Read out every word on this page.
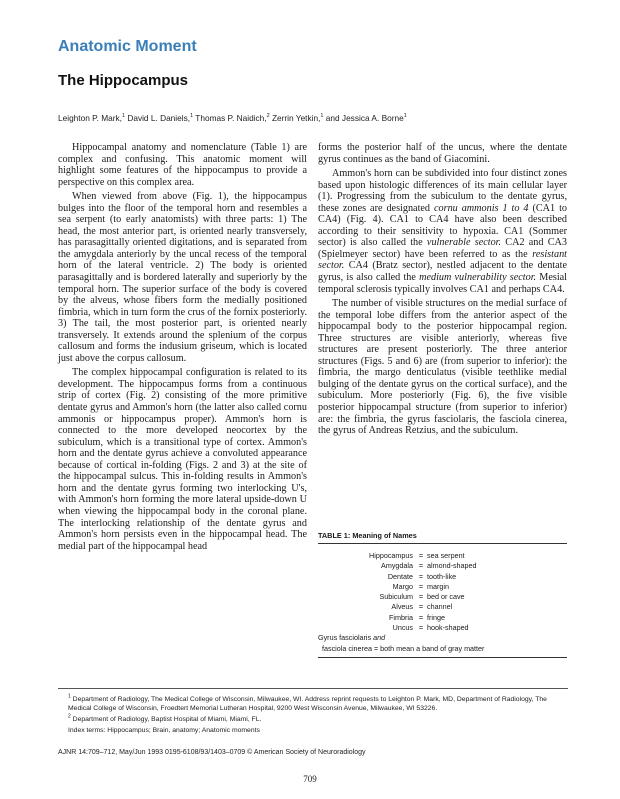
Anatomic Moment
The Hippocampus
Leighton P. Mark,$^1$ David L. Daniels,$^1$ Thomas P. Naidich,$^2$ Zerrin Yetkin,$^1$ and Jessica A. Borne$^1$

Hippocampal anatomy and nomenclature (Table 1) are complex and confusing. This anatomic moment will highlight some features of the hippocampus to provide a perspective on this complex area.

When viewed from above (Fig. 1), the hippocampus bulges into the floor of the temporal horn and resembles a sea serpent (to early anatomists) with three parts: 1) The head, the most anterior part, is oriented nearly transversely, has parasagittally oriented digitations, and is separated from the amygdala anteriorly by the uncal recess of the temporal horn of the lateral ventricle. 2) The body is oriented parasagittally and is bordered laterally and superiorly by the temporal horn. The superior surface of the body is covered by the alveus, whose fibers form the medially positioned fimbria, which in turn form the crus of the fornix posteriorly. 3) The tail, the most posterior part, is oriented nearly transversely. It extends around the splenium of the corpus callosum and forms the indusium griseum, which is located just above the corpus callosum.

The complex hippocampal configuration is related to its development. The hippocampus forms from a continuous strip of cortex (Fig. 2) consisting of the more primitive dentate gyrus and Ammon's horn (the latter also called cornu ammonis or hippocampus proper). Ammon's horn is connected to the more developed neocortex by the subiculum, which is a transitional type of cortex. Ammon's horn and the dentate gyrus achieve a convoluted appearance because of cortical in-folding (Figs. 2 and 3) at the site of the hippocampal sulcus. This in-folding results in Ammon's horn and the dentate gyrus forming two interlocking U's, with Ammon's horn forming the more lateral upside-down U when viewing the hippocampal body in the coronal plane. The interlocking relationship of the dentate gyrus and Ammon's horn persists even in the hippocampal head. The medial part of the hippocampal head

forms the posterior half of the uncus, where the dentate gyrus continues as the band of Giacomini.

Ammon's horn can be subdivided into four distinct zones based upon histologic differences of its main cellular layer (1). Progressing from the subiculum to the dentate gyrus, these zones are designated cornu ammonis 1 to 4 (CA1 to CA4) (Fig. 4). CA1 to CA4 have also been described according to their sensitivity to hypoxia. CA1 (Sommer sector) is also called the vulnerable sector. CA2 and CA3 (Spielmeyer sector) have been referred to as the resistant sector. CA4 (Bratz sector), nestled adjacent to the dentate gyrus, is also called the medium vulnerability sector. Mesial temporal sclerosis typically involves CA1 and perhaps CA4.

The number of visible structures on the medial surface of the temporal lobe differs from the anterior aspect of the hippocampal body to the posterior hippocampal region. Three structures are visible anteriorly, whereas five structures are present posteriorly. The three anterior structures (Figs. 5 and 6) are (from superior to inferior): the fimbria, the margo denticulatus (visible teethlike medial bulging of the dentate gyrus on the cortical surface), and the subiculum. More posteriorly (Fig. 6), the five visible posterior hippocampal structure (from superior to inferior) are: the fimbria, the gyrus fasciolaris, the fasciola cinerea, the gyrus of Andreas Retzius, and the subiculum.

TABLE 1: Meaning of Names
Hippocampus = sea serpent
Amygdala = almond-shaped
Dentate = tooth-like
Margo = margin
Subiculum = bed or cave
Alveus = channel
Fimbria = fringe
Uncus = hook-shaped
Gyrus fasciolaris
and
fasciola cinerea
=
both mean a band of gray matter

$^1$ Department of Radiology, The Medical College of Wisconsin, Milwaukee, WI. Address reprint requests to Leighton P. Mark, MD, Department of Radiology, The Medical College of Wisconsin, Froedtert Memorial Lutheran Hospital, 9200 West Wisconsin Avenue, Milwaukee, WI 53226.

$^2$ Department of Radiology, Baptist Hospital of Miami, Miami, FL.

Index terms: Hippocampus; Brain, anatomy; Anatomic moments

AJNR 14:709–712, May/Jun 1993 0195-6108/93/1403–0709 © American Society of Neuroradiology
709
